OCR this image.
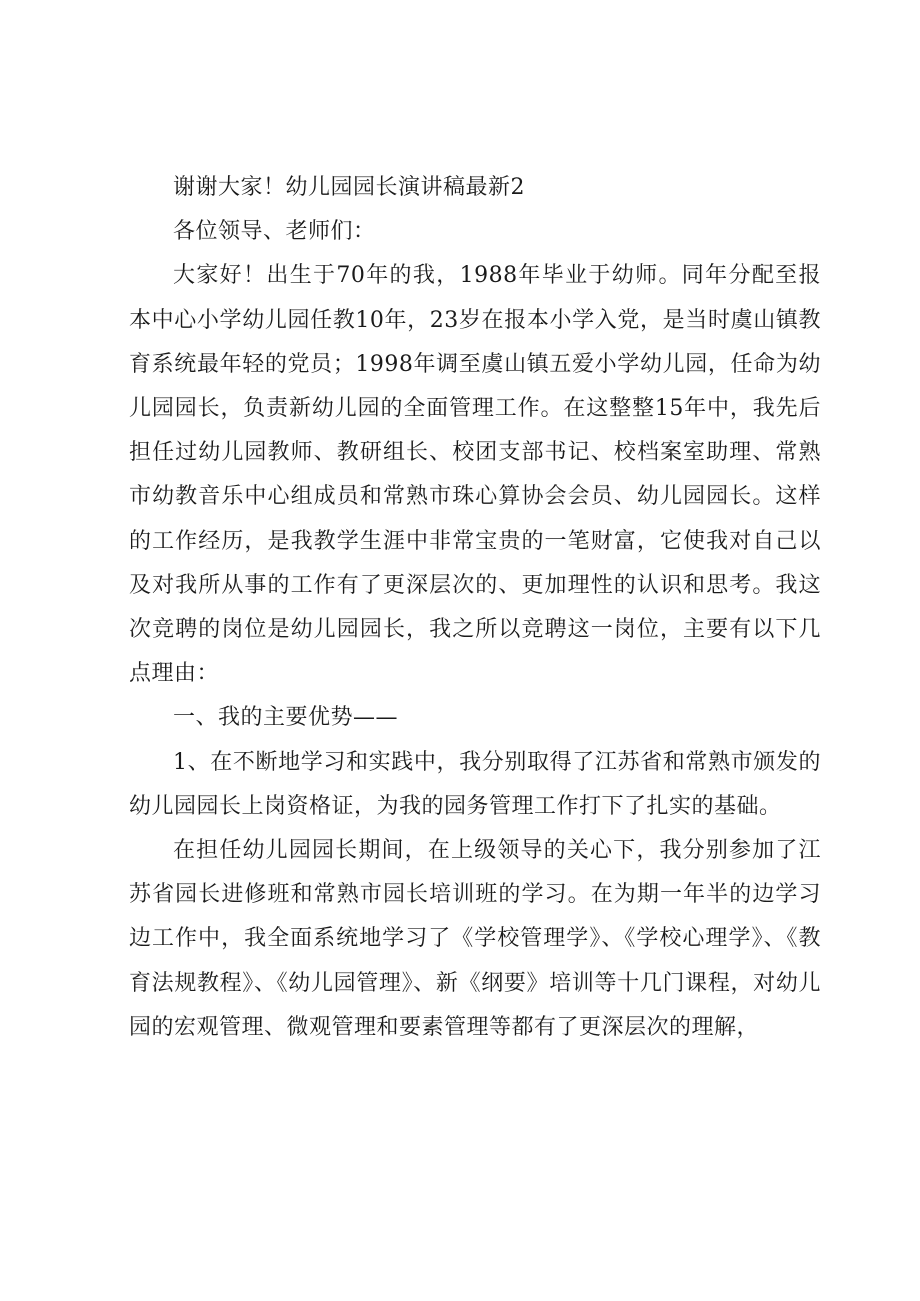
谢谢大家！幼儿园园长演讲稿最新2

各位领导、老师们：

大家好！出生于70年的我，1988年毕业于幼师。同年分配至报本中心小学幼儿园任教10年，23岁在报本小学入党，是当时虞山镇教育系统最年轻的党员；1998年调至虞山镇五爱小学幼儿园，任命为幼儿园园长，负责新幼儿园的全面管理工作。在这整整15年中，我先后担任过幼儿园教师、教研组长、校团支部书记、校档案室助理、常熟市幼教音乐中心组成员和常熟市珠心算协会会员、幼儿园园长。这样的工作经历，是我教学生涯中非常宝贵的一笔财富，它使我对自己以及对我所从事的工作有了更深层次的、更加理性的认识和思考。我这次竞聘的岗位是幼儿园园长，我之所以竞聘这一岗位，主要有以下几点理由：

一、我的主要优势——

1、在不断地学习和实践中，我分别取得了江苏省和常熟市颁发的幼儿园园长上岗资格证，为我的园务管理工作打下了扎实的基础。

在担任幼儿园园长期间，在上级领导的关心下，我分别参加了江苏省园长进修班和常熟市园长培训班的学习。在为期一年半的边学习边工作中，我全面系统地学习了《学校管理学》、《学校心理学》、《教育法规教程》、《幼儿园管理》、新《纲要》培训等十几门课程，对幼儿园的宏观管理、微观管理和要素管理等都有了更深层次的理解，
